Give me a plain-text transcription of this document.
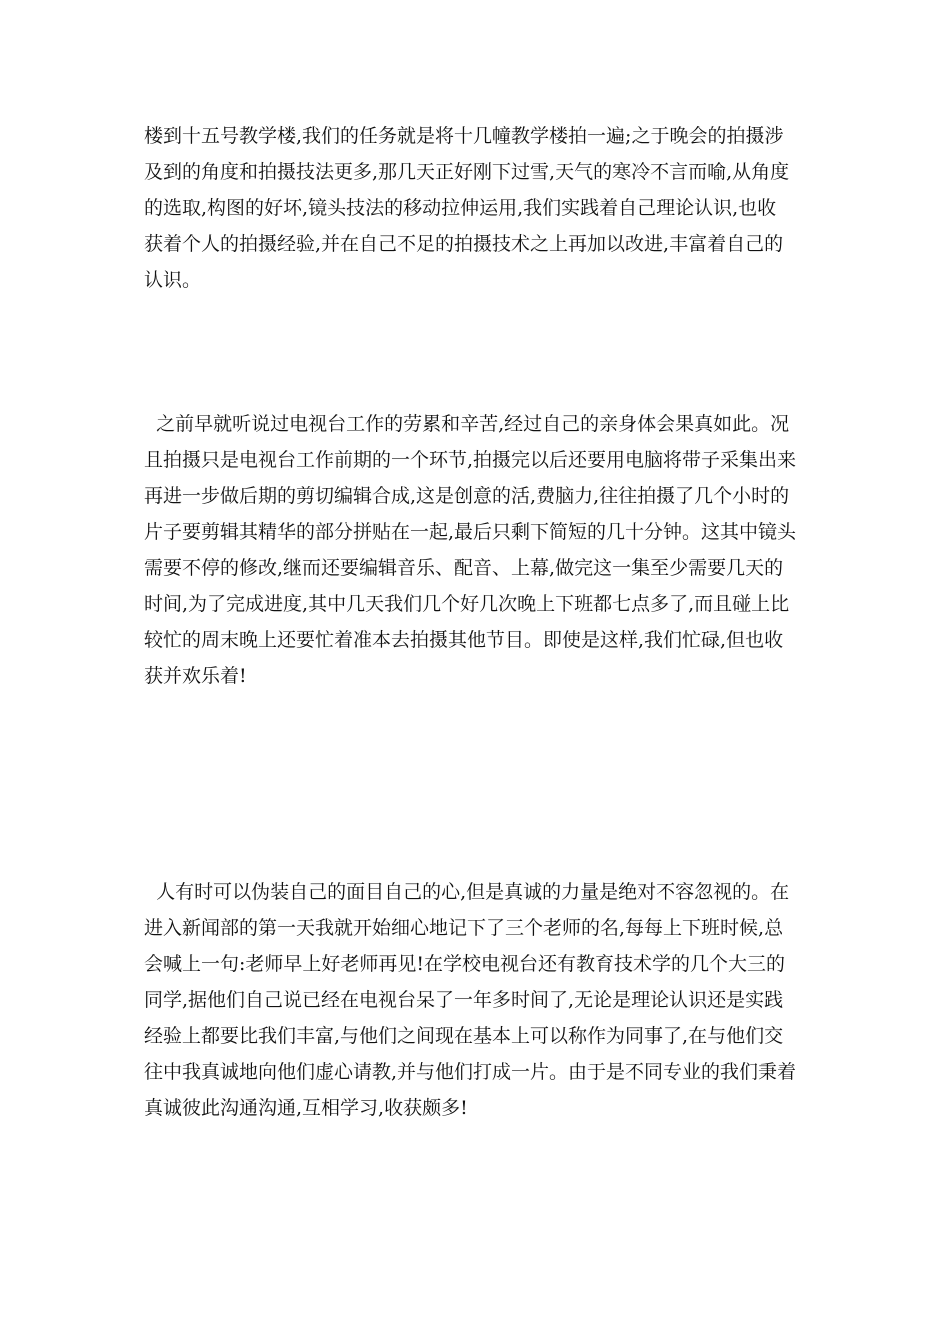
楼到十五号教学楼,我们的任务就是将十几幢教学楼拍一遍;之于晚会的拍摄涉
及到的角度和拍摄技法更多,那几天正好刚下过雪,天气的寒冷不言而喻,从角度
的选取,构图的好坏,镜头技法的移动拉伸运用,我们实践着自己理论认识,也收
获着个人的拍摄经验,并在自己不足的拍摄技术之上再加以改进,丰富着自己的
认识。
之前早就听说过电视台工作的劳累和辛苦,经过自己的亲身体会果真如此。况
且拍摄只是电视台工作前期的一个环节,拍摄完以后还要用电脑将带子采集出来
再进一步做后期的剪切编辑合成,这是创意的活,费脑力,往往拍摄了几个小时的
片子要剪辑其精华的部分拼贴在一起,最后只剩下简短的几十分钟。这其中镜头
需要不停的修改,继而还要编辑音乐、配音、上幕,做完这一集至少需要几天的
时间,为了完成进度,其中几天我们几个好几次晚上下班都七点多了,而且碰上比
较忙的周末晚上还要忙着准本去拍摄其他节目。即使是这样,我们忙碌,但也收
获并欢乐着!
人有时可以伪装自己的面目自己的心,但是真诚的力量是绝对不容忽视的。在
进入新闻部的第一天我就开始细心地记下了三个老师的名,每每上下班时候,总
会喊上一句:老师早上好老师再见!在学校电视台还有教育技术学的几个大三的
同学,据他们自己说已经在电视台呆了一年多时间了,无论是理论认识还是实践
经验上都要比我们丰富,与他们之间现在基本上可以称作为同事了,在与他们交
往中我真诚地向他们虚心请教,并与他们打成一片。由于是不同专业的我们秉着
真诚彼此沟通沟通,互相学习,收获颇多!
